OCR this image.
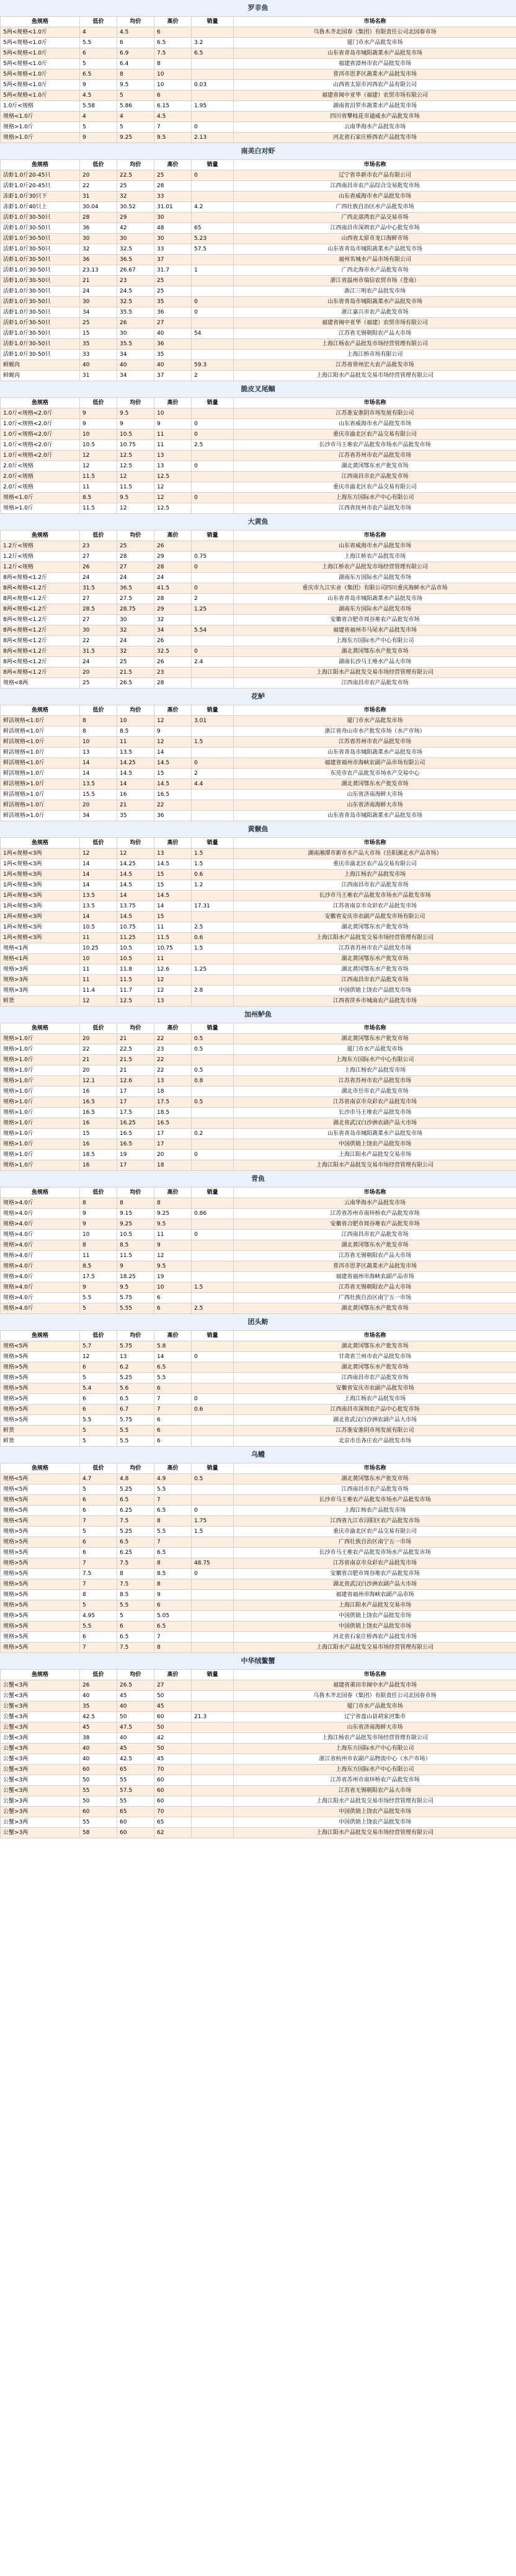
罗非鱼
鱼规格	低价	均价	高价	销量	市场名称
5两<规格<1.0斤	4	4.5	6		乌鲁木齐北园春（集团）有限责任公司北园春市场
5两<规格<1.0斤	5.5	6	6.5	3.2	厦门市水产品批发市场
5两<规格<1.0斤	6	6.9	7.5	6.5	山东省青岛市城阳蔬菜水产品批发市场
5两<规格<1.0斤	5	6.4	8		福建省漳州市农产品批发市场
5两<规格<1.0斤	6.5	8	10		普洱市思茅区蔬菜水产品批发市场
5两<规格<1.0斤	9	9.5	10	0.03	山西省太原市河西农产品有限公司
5两<规格<1.0斤	4.5	5	6		福建省闽中亚华（福建）农贸市场有限公司
1.0斤<规格	5.58	5.86	6.15	1.95	湖南省汨罗市蔬菜水产品批发市场
规格<1.0斤	4	4	4.5		四川省攀枝花市通威水产品批发市场
规格>1.0斤	5	5	7	0	云南华海水产品批发市场
规格>1.0斤	9	9.25	9.5	2.13	河北省石家庄桥西农产品批发市场
南美白对虾
鱼规格	低价	均价	高价	销量	市场名称
活虾1.0斤20-45只	20	22.5	25	0	辽宁省阜新市农产品有限公司
活虾1.0斤20-45只	22	25	28		江西南昌市农产品综合交易批发市场
冻虾1.0斤30只下	31	32	33		山东省威海市水产品批发市场
冻虾1.0斤40只上	30.04	30.52	31.01	4.2	广西壮族自治区水产品批发市场
活虾1.0斤30-50只	28	29	30		广西北部湾农产品交易市场
活虾1.0斤30-50只	36	42	48	65	江西南昌市深圳农产品中心批发市场
活虾1.0斤30-50只	30	30	30	5.23	山西省太原市龙口海鲜市场
活虾1.0斤30-50只	32	32.5	33	57.5	山东省青岛市城阳蔬菜水产品批发市场
活虾1.0斤30-50只	36	36.5	37		福州名城水产品市场有限公司
活虾1.0斤30-50只	23.13	26.67	31.7	1	广西北海市水产品批发市场
活虾1.0斤30-50只	21	23	25		浙江省温州市瑞信农贸市场（苍南）
活虾1.0斤30-50只	24	24.5	25		浙江三明农产品批发市场
活虾1.0斤30-50只	30	32.5	35	0	山东省青岛市城阳蔬菜水产品批发市场
活虾1.0斤30-50只	34	35.5	36	0	浙江嘉兴市农产品批发市场
活虾1.0斤30-50只	25	26	27		福建省闽中亚华（福建）农贸市场有限公司
活虾1.0斤30-50只	15	30	40	54	江苏省无锡朝阳农产品大市场
活虾1.0斤30-50只	35	35.5	36		上海江杨农产品批发市场经营管理有限公司
活虾1.0斤30-50只	33	34	35		上海江桥市场有限公司
鲜蚬肉	40	40	40	59.3	江苏省常州宏大农产品批发市场
鲜蚬肉	31	34	37	2	上海江阳水产品批发交易市场经营管理有限公司
脆皮叉尾鲴
鱼规格	低价	均价	高价	销量	市场名称
1.0斤<规格<2.0斤	9	9.5	10		江苏淮安淮阴市场发展有限公司
1.0斤<规格<2.0斤	9	9	9	0	山东省威海市水产品批发市场
1.0斤<规格<2.0斤	10	10.5	11	0	重庆市渝北区农产品交易有限公司
1.0斤<规格<2.0斤	10.5	10.75	11	2.5	长沙市马王堆农产品批发市场水产品批发市场
1.0斤<规格<2.0斤	12	12.5	13		江苏省苏州市农产品批发市场
2.0斤<规格	12	12.5	13	0	湖北黄冈鄂东水产批发市场
2.0斤<规格	11.5	12	12.5		江西南昌市农产品批发市场
2.0斤<规格	11	11.5	12		重庆市渝北区农产品交易有限公司
规格<1.0斤	8.5	9.5	12	0	上海东方国际水产中心有限公司
规格>1.0斤	11.5	12	12.5		江西省抚州市农产品批发市场
大黄鱼
鱼规格	低价	均价	高价	销量	市场名称
1.2斤<规格	23	25	26		山东省威海市水产品批发市场
1.2斤<规格	27	28	29	0.75	上海江桥农产品批发市场
1.2斤<规格	26	27	28	0	上海江桥农产品批发市场经营管理有限公司
8两<规格<1.2斤	24	24	24		湖南东方国际水产品批发市场
8两<规格<1.2斤	31.5	36.5	41.5	0	重庆市九江实业（集团）有限公司四川重庆海鲜水产品市场
8两<规格<1.2斤	27	27.5	28	2	山东省青岛市城阳蔬菜水产品批发市场
8两<规格<1.2斤	28.5	28.75	29	1.25	湖南东方国际水产品批发市场
8两<规格<1.2斤	27	30	32		安徽省合肥市周谷堆农产品批发市场
8两<规格<1.2斤	30	32	34	5.54	福建省福州市马尾水产品批发市场
8两<规格<1.2斤	22	24	26		上海东方国际水产中心有限公司
8两<规格<1.2斤	31.5	32	32.5	0	湖北黄冈鄂东水产批发市场
8两<规格<1.2斤	24	25	26	2.4	湖南长沙马王堆水产品大市场
8两<规格<1.2斤	20	21.5	23		上海江阳水产品批发交易市场经营管理有限公司
规格<8两	25	26.5	28		江西南昌市农产品批发市场
花鲈
鱼规格	低价	均价	高价	销量	市场名称
鲜活规格<1.0斤	8	10	12	3.01	厦门市水产品批发市场
鲜活规格<1.0斤	8	8.5	9		浙江省舟山市水产批发市场（水产市场）
鲜活规格<1.0斤	10	11	12	1.5	江苏省苏州市农产品批发市场
鲜活规格<1.0斤	13	13.5	14		山东省青岛市城阳蔬菜水产品批发市场
鲜活规格<1.0斤	14	14.25	14.5	0	福建省福州市海峡农副产品市场有限公司
鲜活规格>1.0斤	14	14.5	15	2	东莞市农产品批发市场水产交易中心
鲜活规格>1.0斤	13.5	14	14.5	4.4	湖北黄冈鄂东水产批发市场
鲜活规格>1.0斤	15.5	16	16.5		山东省济南海鲜大市场
鲜活规格>1.0斤	20	21	22		山东省济南海鲜大市场
鲜活规格>1.0斤	34	35	36		山东省青岛市城阳蔬菜水产品批发市场
黄颡鱼
鱼规格	低价	均价	高价	销量	市场名称
1两<规格<3两	12	12	13	1.5	湖南湘潭市新市水产品大市场（岳阳湖北水产品市场）
1两<规格<3两	14	14.25	14.5	1.5	重庆市渝北区农产品交易有限公司
1两<规格<3两	14	14.5	15	0.6	上海江杨农产品批发市场
1两<规格<3两	14	14.5	15	1.2	江西南昌市农产品批发市场
1两<规格<3两	13.5	14	14.5		长沙市马王堆农产品批发市场水产品批发市场
1两<规格<3两	13.5	13.75	14	17.31	江苏省南京市众彩农产品批发市场
1两<规格<3两	14	14.5	15		安徽省安庆市农副产品批发市场有限公司
1两<规格<3两	10.5	10.75	11	2.5	湖北黄冈鄂东水产批发市场
1两<规格<3两	11	11.25	11.5	0.6	上海江阳水产品批发交易市场经营管理有限公司
规格<1两	10.25	10.5	10.75	1.5	江苏省苏州市农产品批发市场
规格<1两	10	10.5	11		湖北黄冈鄂东水产批发市场
规格>3两	11	11.8	12.6	1.25	湖北黄冈鄂东水产批发市场
规格>3两	11	11.5	12		江西南昌市农产品批发市场
规格>3两	11.4	11.7	12	2.8	中国供销上饶农产品批发市场
鲜货	12	12.5	13		江西省萍乡市城南农产品批发市场
加州鲈鱼
鱼规格	低价	均价	高价	销量	市场名称
规格>1.0斤	20	21	22	0.5	湖北黄冈鄂东水产批发市场
规格>1.0斤	22	22.5	23	0.5	厦门市水产品批发市场
规格>1.0斤	21	21.5	22		上海东方国际水产中心有限公司
规格>1.0斤	20	21	22	0.5	上海江杨农产品批发市场
规格>1.0斤	12.1	12.6	13	0.8	江苏省苏州市农产品批发市场
规格>1.0斤	16	17	18		湖北市岳市农产品批发市场
规格>1.0斤	16.5	17	17.5	0.5	江苏省南京市众彩农产品批发市场
规格>1.0斤	16.5	17.5	18.5		长沙市马王堆农产品批发市场
规格>1.0斤	16	16.25	16.5		湖北省武汉白沙洲农副产品大市场
规格>1.0斤	15	16.5	17	0.2	山东省青岛市城阳蔬菜水产品批发市场
规格>1.0斤	16	16.5	17		中国供销上饶农产品批发市场
规格>1.0斤	18.5	19	20	0	上海江阳水产品批发交易市场
规格>1.0斤	16	17	18		上海江阳水产品批发交易市场经营管理有限公司
青鱼
鱼规格	低价	均价	高价	销量	市场名称
规格>4.0斤	8	8	8		云南华海水产品批发市场
规格>4.0斤	9	9.15	9.25	0.86	江苏省苏州市南环桥农产品批发市场
规格>4.0斤	9	9.25	9.5		安徽省合肥市周谷堆农产品批发市场
规格>4.0斤	10	10.5	11	0	江西南昌市农产品批发市场
规格>4.0斤	8	8.5	9		湖北黄冈鄂东水产批发市场
规格>4.0斤	11	11.5	12		江苏省无锡朝阳农产品大市场
规格>4.0斤	8.5	9	9.5		普洱市思茅区蔬菜水产品批发市场
规格>4.0斤	17.5	18.25	19		福建省福州市海峡农副产品市场
规格>4.0斤	9	9.5	10	1.5	江苏省无锡朝阳农产品大市场
规格>4.0斤	5.5	5.75	6		广西壮族自治区南宁五一市场
规格>4.0斤	5	5.55	6	2.5	湖北黄冈鄂东水产批发市场
团头鲂
鱼规格	低价	均价	高价	销量	市场名称
规格<5两	5.7	5.75	5.8		湖北黄冈鄂东水产批发市场
规格>5两	12	13	14	0	甘肃省兰州市农产品批发市场
规格>5两	6	6.2	6.5		湖北黄冈鄂东水产批发市场
规格>5两	5	5.25	5.5		江西南昌市农产品批发市场
规格>5两	5.4	5.6	6		安徽省安庆市农副产品批发市场
规格>5两	6	6.5	7	0	上海江杨农产品批发市场
规格>5两	6	6.7	7	0.6	江西南昌市深圳农产品中心批发市场
规格>5两	5.5	5.75	6		湖北省武汉白沙洲农副产品大市场
鲜货	5	5.5	6		江苏淮安淮阴市场发展有限公司
鲜货	5	5.5	6		北京市岳各庄农产品批发市场
乌鳢
鱼规格	低价	均价	高价	销量	市场名称
规格<5两	4.7	4.8	4.9	0.5	湖北黄冈鄂东水产批发市场
规格<5两	5	5.25	5.5		江西南昌市农产品批发市场
规格<5两	6	6.5	7		长沙市马王堆农产品批发市场水产品批发市场
规格<5两	6	6.25	6.5	0	上海江杨农产品批发市场
规格<5两	7	7.5	8	1.75	江西省九江市浔阳区农产品批发市场
规格>5两	5	5.25	5.5	1.5	重庆市渝北区农产品交易有限公司
规格>5两	6	6.5	7		广西壮族自治区南宁五一市场
规格>5两	6	6.25	6.5		长沙市马王堆农产品批发市场水产品批发市场
规格>5两	7	7.5	8	48.75	江苏省南京市众彩农产品批发市场
规格>5两	7.5	8	8.5	0	安徽省合肥市周谷堆农产品批发市场
规格>5两	7	7.5	8		湖北省武汉白沙洲农副产品大市场
规格>5两	8	8.5	9		福建省福州市海峡农副产品市场
规格>5两	5	5.5	6		上海江阳水产品批发交易市场
规格>5两	4.95	5	5.05		中国供销上饶农产品批发市场
规格>5两	5.5	6	6.5		中国供销上饶农产品批发市场
规格>5两	6	6.5	7		河北省石家庄桥西农产品批发市场
规格>5两	7	7.5	8		上海江阳水产品批发交易市场经营管理有限公司
中华绒鳌蟹
鱼规格	低价	均价	高价	销量	市场名称
公蟹<3两	26	26.5	27		福建省莆田市闽中水产品批发市场
公蟹<3两	40	45	50		乌鲁木齐北园春（集团）有限责任公司北园春市场
公蟹<3两	35	40	45		厦门市水产品批发市场
公蟹<3两	42.5	50	60	21.3	辽宁省盘山县胡家河集市
公蟹<3两	45	47.5	50		山东省济南海鲜大市场
公蟹<3两	38	40	42		上海江杨农产品批发市场经营管理有限公司
公蟹<3两	40	45	50		上海东方国际水产中心有限公司
公蟹<3两	40	42.5	45		浙江省杭州市农副产品物流中心（水产市场）
公蟹<3两	60	65	70		上海东方国际水产中心有限公司
公蟹<3两	50	55	60		江苏省苏州市南环桥农产品批发市场
公蟹<3两	55	57.5	60		江苏省无锡朝阳农产品大市场
公蟹>3两	50	55	60		上海江阳水产品批发交易市场经营管理有限公司
公蟹>3两	60	65	70		中国供销上饶农产品批发市场
公蟹>3两	55	60	65		中国供销上饶农产品批发市场
公蟹>3两	58	60	62		上海江阳水产品批发交易市场经营管理有限公司
